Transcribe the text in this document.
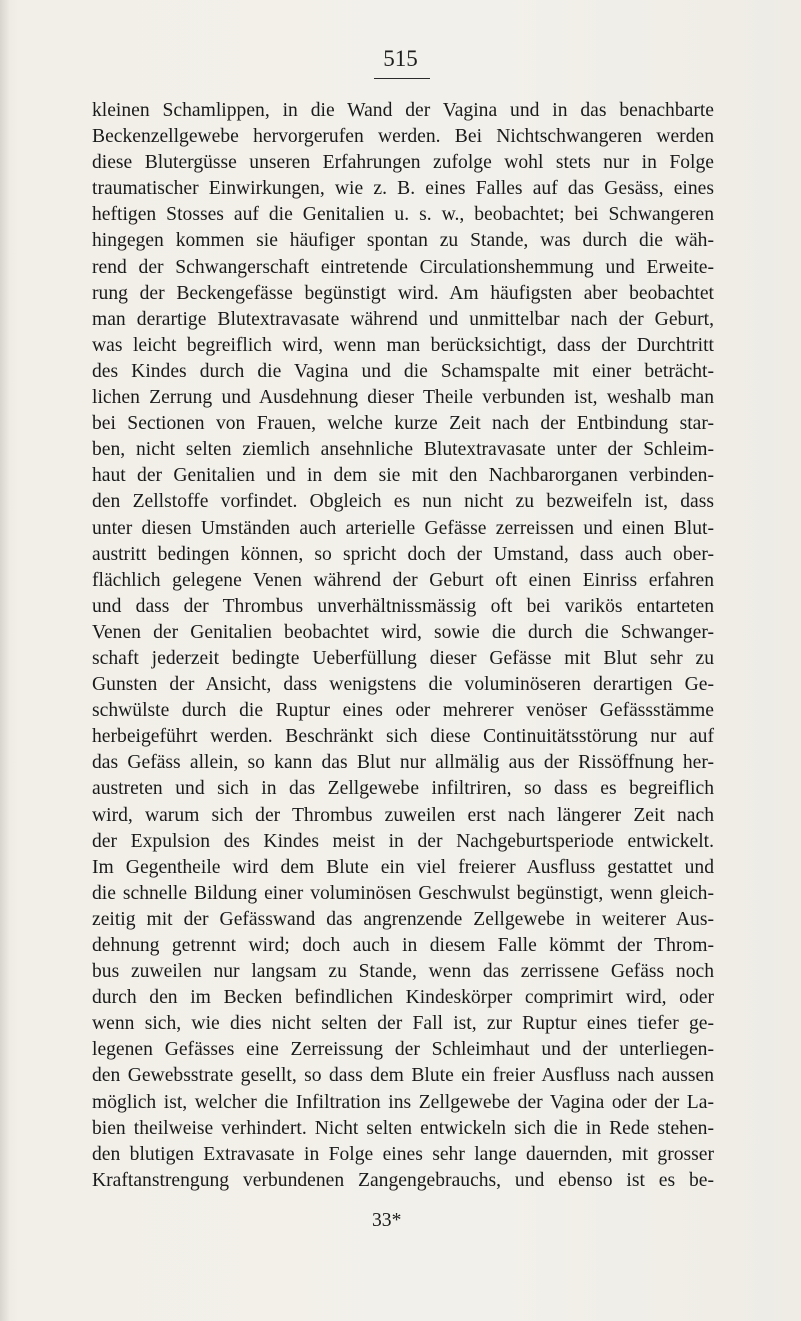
515
kleinen Schamlippen, in die Wand der Vagina und in das benachbarte
Beckenzellgewebe hervorgerufen werden. Bei Nichtschwangeren werden
diese Blutergüsse unseren Erfahrungen zufolge wohl stets nur in Folge
traumatischer Einwirkungen, wie z. B. eines Falles auf das Gesäss, eines
heftigen Stosses auf die Genitalien u. s. w., beobachtet; bei Schwangeren
hingegen kommen sie häufiger spontan zu Stande, was durch die wäh-
rend der Schwangerschaft eintretende Circulationshemmung und Erweite-
rung der Beckengefässe begünstigt wird. Am häufigsten aber beobachtet
man derartige Blutextravasate während und unmittelbar nach der Geburt,
was leicht begreiflich wird, wenn man berücksichtigt, dass der Durchtritt
des Kindes durch die Vagina und die Schamspalte mit einer beträcht-
lichen Zerrung und Ausdehnung dieser Theile verbunden ist, weshalb man
bei Sectionen von Frauen, welche kurze Zeit nach der Entbindung star-
ben, nicht selten ziemlich ansehnliche Blutextravasate unter der Schleim-
haut der Genitalien und in dem sie mit den Nachbarorganen verbinden-
den Zellstoffe vorfindet. Obgleich es nun nicht zu bezweifeln ist, dass
unter diesen Umständen auch arterielle Gefässe zerreissen und einen Blut-
austritt bedingen können, so spricht doch der Umstand, dass auch ober-
flächlich gelegene Venen während der Geburt oft einen Einriss erfahren
und dass der Thrombus unverhältnissmässig oft bei varikös entarteten
Venen der Genitalien beobachtet wird, sowie die durch die Schwanger-
schaft jederzeit bedingte Ueberfüllung dieser Gefässe mit Blut sehr zu
Gunsten der Ansicht, dass wenigstens die voluminöseren derartigen Ge-
schwülste durch die Ruptur eines oder mehrerer venöser Gefässstämme
herbeigeführt werden. Beschränkt sich diese Continuitätsstörung nur auf
das Gefäss allein, so kann das Blut nur allmälig aus der Rissöffnung her-
austreten und sich in das Zellgewebe infiltriren, so dass es begreiflich
wird, warum sich der Thrombus zuweilen erst nach längerer Zeit nach
der Expulsion des Kindes meist in der Nachgeburtsperiode entwickelt.
Im Gegentheile wird dem Blute ein viel freierer Ausfluss gestattet und
die schnelle Bildung einer voluminösen Geschwulst begünstigt, wenn gleich-
zeitig mit der Gefässwand das angrenzende Zellgewebe in weiterer Aus-
dehnung getrennt wird; doch auch in diesem Falle kömmt der Throm-
bus zuweilen nur langsam zu Stande, wenn das zerrissene Gefäss noch
durch den im Becken befindlichen Kindeskörper comprimirt wird, oder
wenn sich, wie dies nicht selten der Fall ist, zur Ruptur eines tiefer ge-
legenen Gefässes eine Zerreissung der Schleimhaut und der unterliegen-
den Gewebsstrate gesellt, so dass dem Blute ein freier Ausfluss nach aussen
möglich ist, welcher die Infiltration ins Zellgewebe der Vagina oder der La-
bien theilweise verhindert. Nicht selten entwickeln sich die in Rede stehen-
den blutigen Extravasate in Folge eines sehr lange dauernden, mit grosser
Kraftanstrengung verbundenen Zangengebrauchs, und ebenso ist es be-
33*
